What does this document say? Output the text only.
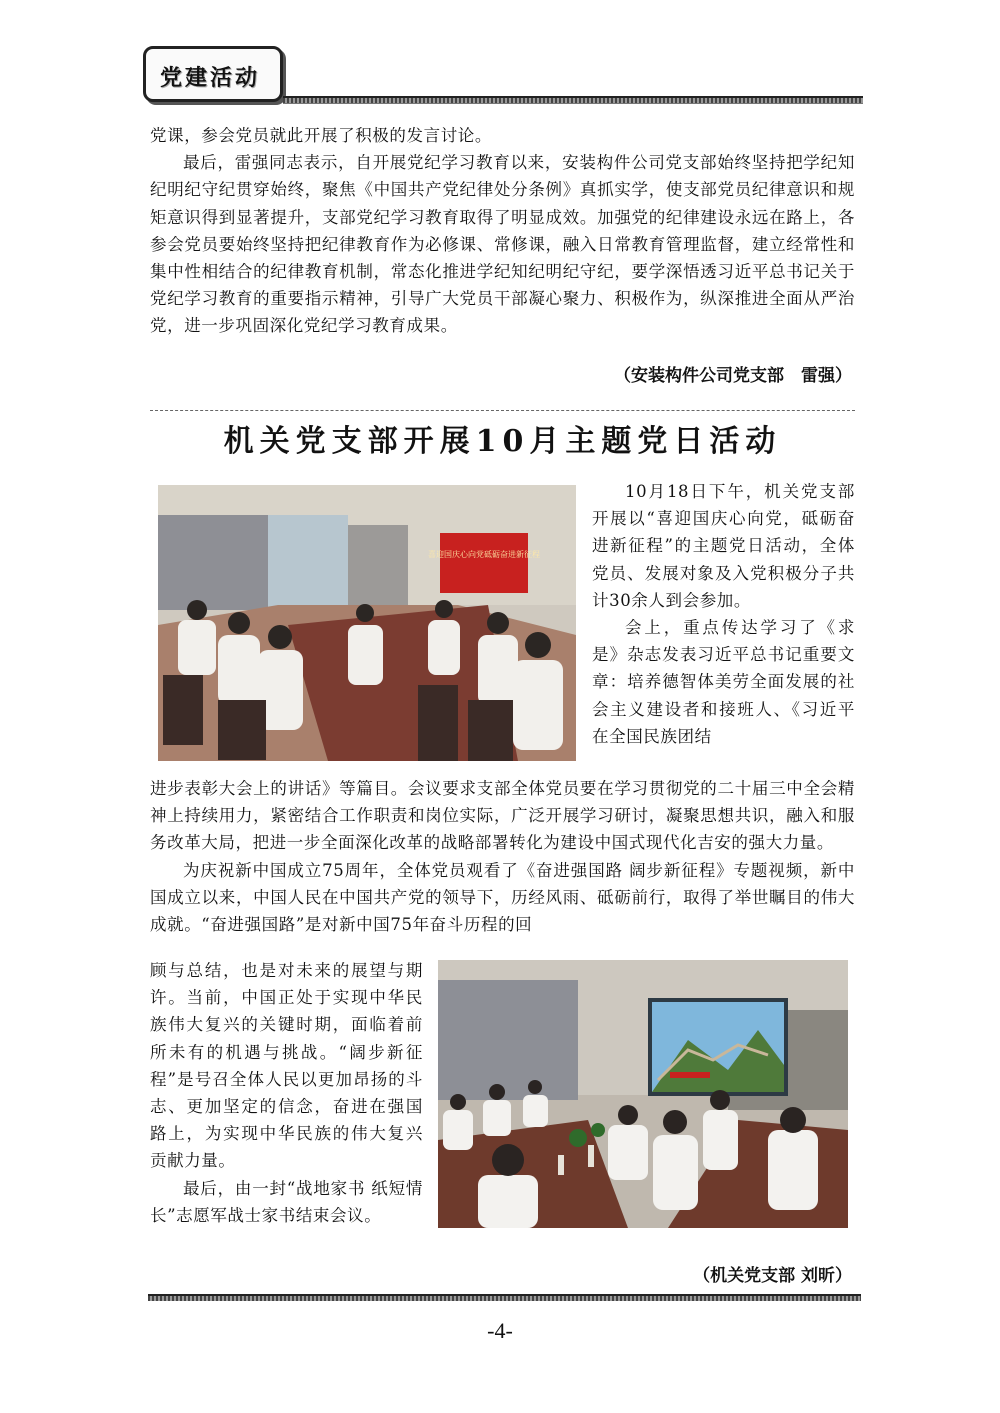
党建活动

党课，参会党员就此开展了积极的发言讨论。

最后，雷强同志表示，自开展党纪学习教育以来，安装构件公司党支部始终坚持把学纪知纪明纪守纪贯穿始终，聚焦《中国共产党纪律处分条例》真抓实学，使支部党员纪律意识和规矩意识得到显著提升，支部党纪学习教育取得了明显成效。加强党的纪律建设永远在路上，各参会党员要始终坚持把纪律教育作为必修课、常修课，融入日常教育管理监督，建立经常性和集中性相结合的纪律教育机制，常态化推进学纪知纪明纪守纪，要学深悟透习近平总书记关于党纪学习教育的重要指示精神，引导广大党员干部凝心聚力、积极作为，纵深推进全面从严治党，进一步巩固深化党纪学习教育成果。

（安装构件公司党支部　雷强）
机关党支部开展10月主题党日活动
喜迎国庆心向党砥砺奋进新征程

10月18日下午，机关党支部开展以“喜迎国庆心向党，砥砺奋进新征程”的主题党日活动，全体党员、发展对象及入党积极分子共计30余人到会参加。

会上，重点传达学习了《求是》杂志发表习近平总书记重要文章：培养德智体美劳全面发展的社会主义建设者和接班人、《习近平在全国民族团结

进步表彰大会上的讲话》等篇目。会议要求支部全体党员要在学习贯彻党的二十届三中全会精神上持续用力，紧密结合工作职责和岗位实际，广泛开展学习研讨，凝聚思想共识，融入和服务改革大局，把进一步全面深化改革的战略部署转化为建设中国式现代化吉安的强大力量。

为庆祝新中国成立75周年，全体党员观看了《奋进强国路 阔步新征程》专题视频，新中国成立以来，中国人民在中国共产党的领导下，历经风雨、砥砺前行，取得了举世瞩目的伟大成就。“奋进强国路”是对新中国75年奋斗历程的回

顾与总结，也是对未来的展望与期许。当前，中国正处于实现中华民族伟大复兴的关键时期，面临着前所未有的机遇与挑战。“阔步新征程”是号召全体人民以更加昂扬的斗志、更加坚定的信念，奋进在强国路上，为实现中华民族的伟大复兴贡献力量。

最后，由一封“战地家书 纸短情长”志愿军战士家书结束会议。

（机关党支部 刘昕）
-4-
